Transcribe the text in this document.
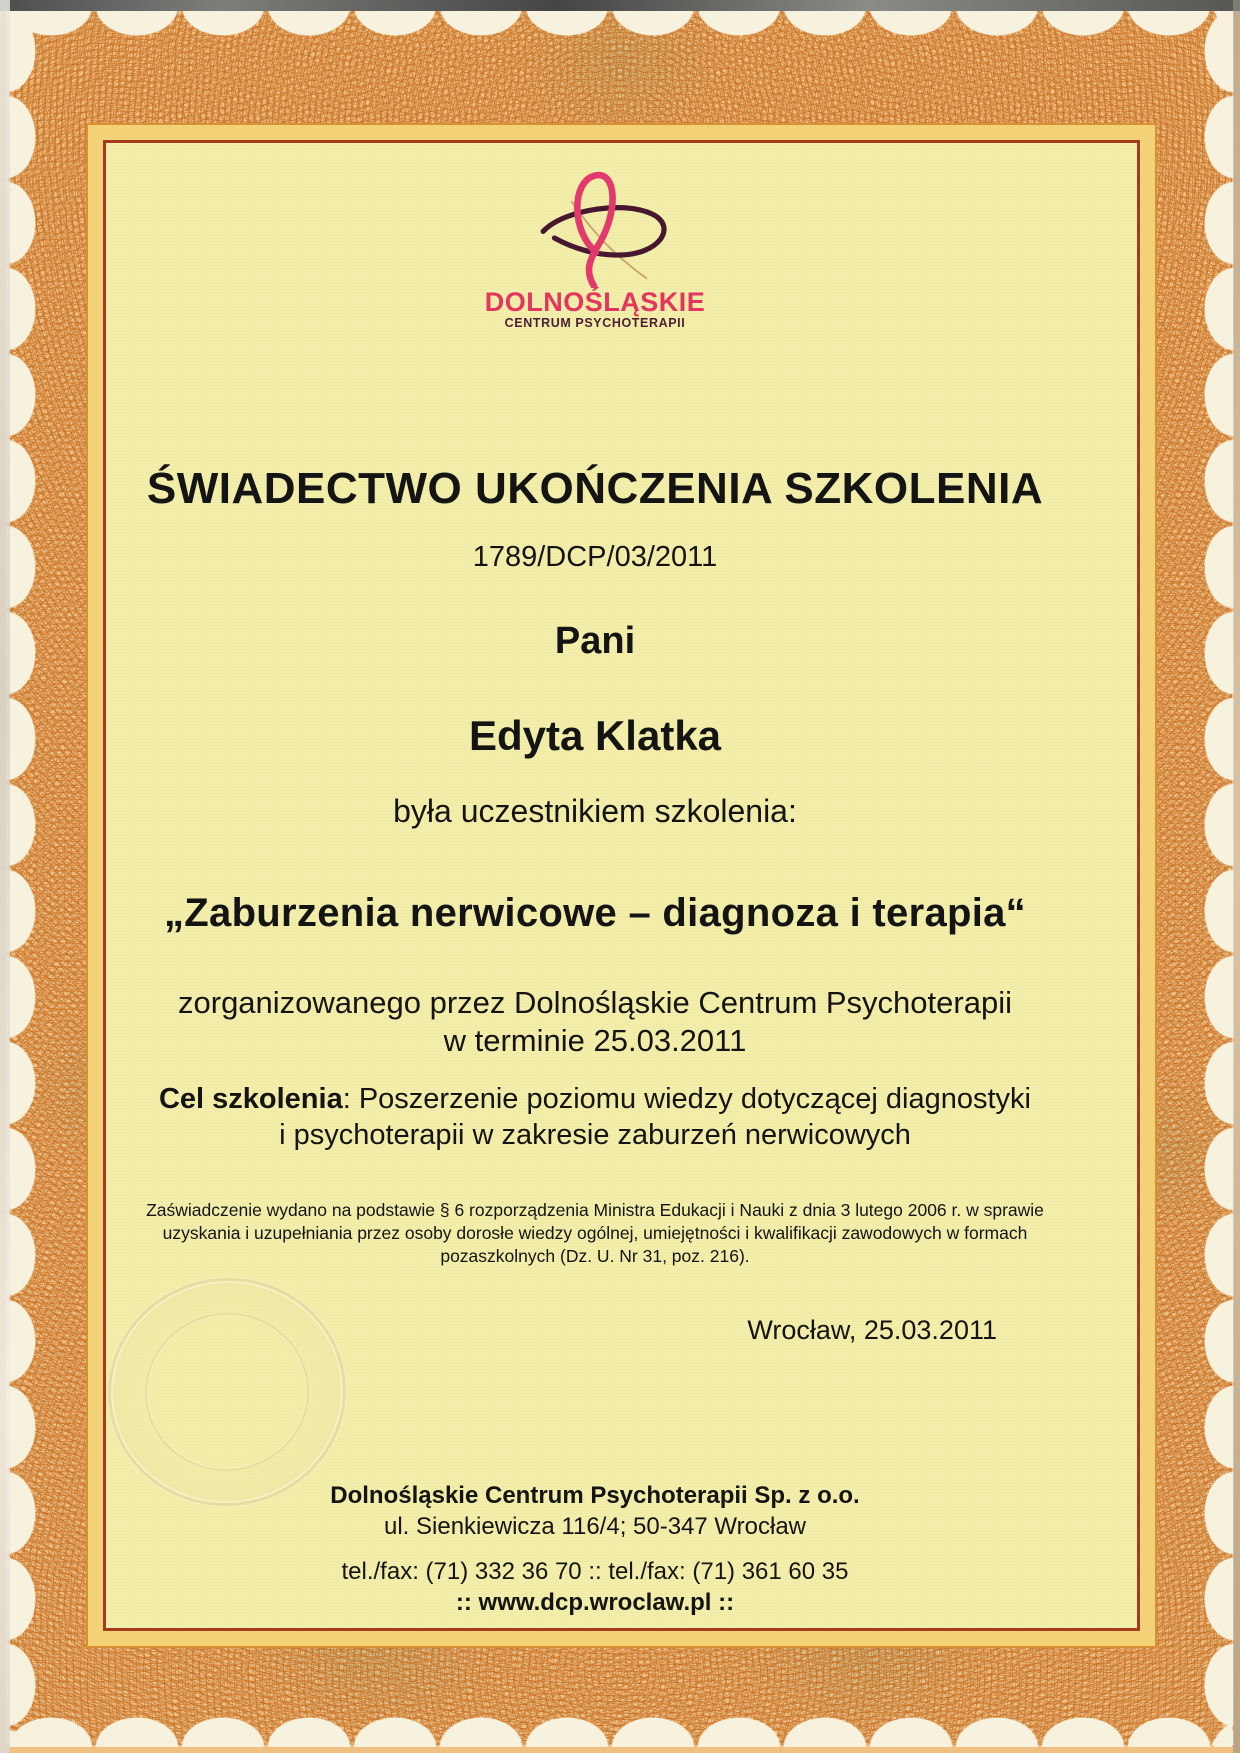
DOLNOŚLĄSKIE
CENTRUM PSYCHOTERAPII
ŚWIADECTWO UKOŃCZENIA SZKOLENIA
1789/DCP/03/2011
Pani
Edyta Klatka
była uczestnikiem szkolenia:
„Zaburzenia nerwicowe – diagnoza i terapia“
zorganizowanego przez Dolnośląskie Centrum Psychoterapii
w terminie 25.03.2011
Cel szkolenia: Poszerzenie poziomu wiedzy dotyczącej diagnostyki
i psychoterapii w zakresie zaburzeń nerwicowych
Zaświadczenie wydano na podstawie § 6 rozporządzenia Ministra Edukacji i Nauki z dnia 3 lutego 2006 r. w sprawie
uzyskania i uzupełniania przez osoby dorosłe wiedzy ogólnej, umiejętności i kwalifikacji zawodowych w formach
pozaszkolnych (Dz. U. Nr 31, poz. 216).
Wrocław, 25.03.2011
Dolnośląskie Centrum Psychoterapii Sp. z o.o.
ul. Sienkiewicza 116/4; 50-347 Wrocław
tel./fax: (71) 332 36 70 :: tel./fax: (71) 361 60 35
:: www.dcp.wroclaw.pl ::
